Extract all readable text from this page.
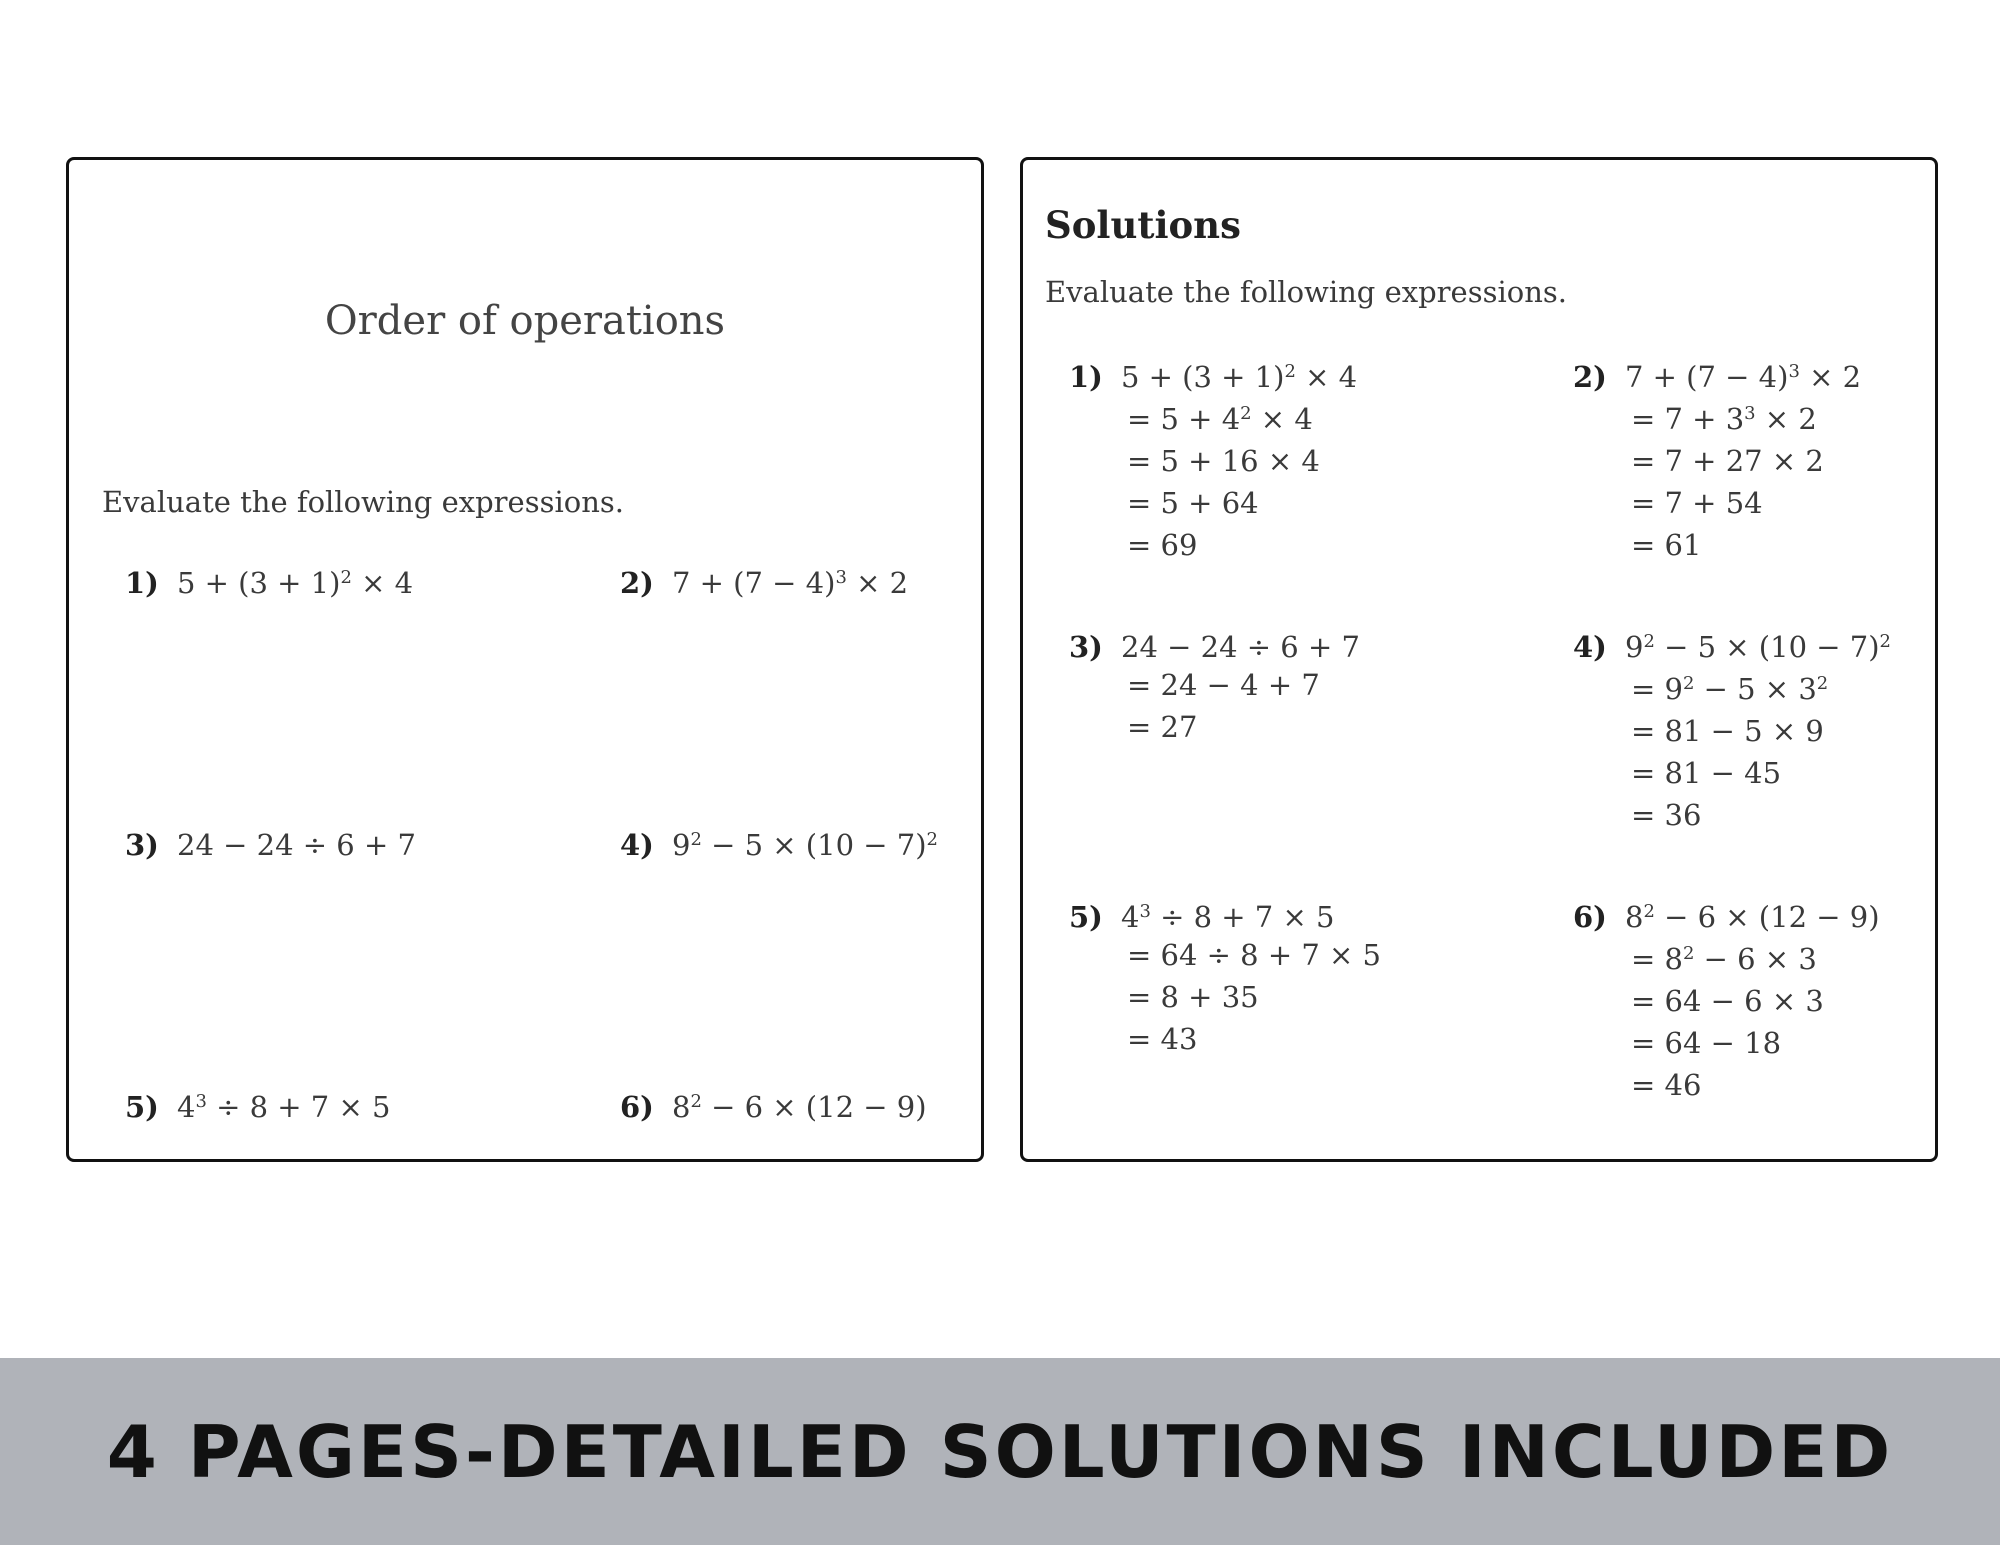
Order of operations
Evaluate the following expressions.
1) $5 + (3 + 1)^2 \times 4$	2) $7 + (7 - 4)^3 \times 2$
3) 24 − 24 ÷ 6 + 7	4) $9^2 - 5 \times (10 - 7)^2$
5) $4^3 \div 8 + 7 \times 5$	6) $8^2 - 6 \times (12 - 9)$
Solutions
Evaluate the following expressions.
1) $5 + (3 + 1)^2 \times 4$
= $5 + 4^2 \times 4$
= 5 + 16 × 4
= 5 + 64
= 69
2) $7 + (7 - 4)^3 \times 2$
= $7 + 3^3 \times 2$
= 7 + 27 × 2
= 7 + 54
= 61
3) 24 − 24 ÷ 6 + 7
= 24 − 4 + 7
= 27
4) $9^2 - 5 \times (10 - 7)^2$
= $9^2 - 5 \times 3^2$
= 81 − 5 × 9
= 81 − 45
= 36
5) $4^3 \div 8 + 7 \times 5$
= 64 ÷ 8 + 7 × 5
= 8 + 35
= 43
6) $8^2 - 6 \times (12 - 9)$
= $8^2 - 6 \times 3$
= 64 − 6 × 3
= 64 − 18
= 46
4 PAGES-DETAILED SOLUTIONS INCLUDED
